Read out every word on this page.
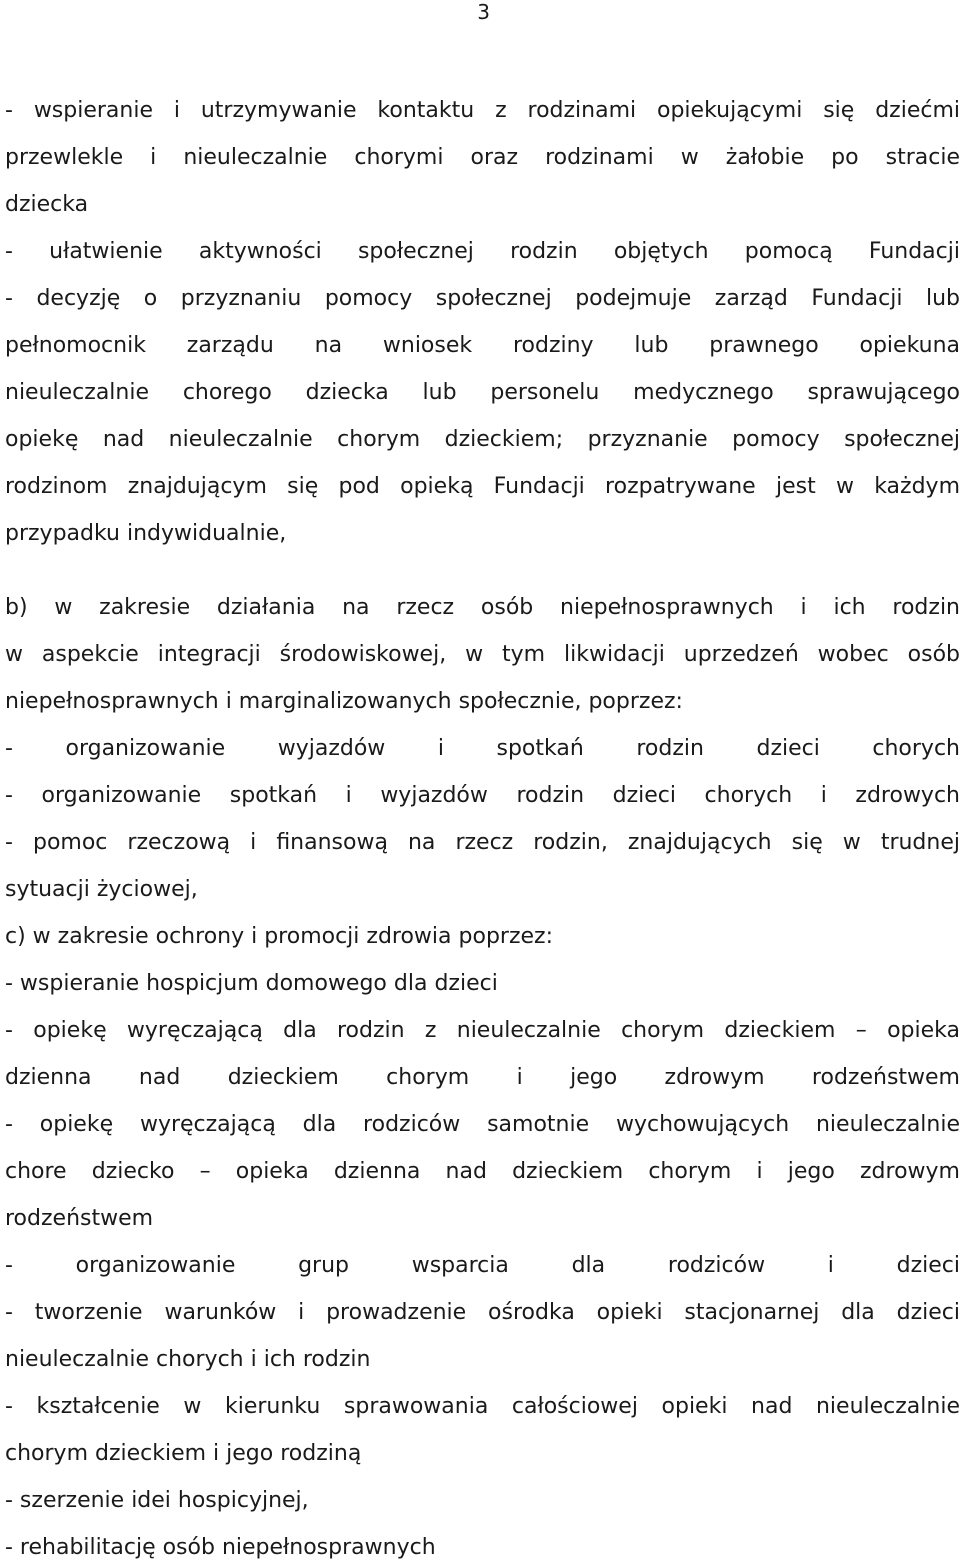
3
- wspieranie i utrzymywanie kontaktu z rodzinami opiekującymi się dziećmi
przewlekle i nieuleczalnie chorymi oraz rodzinami w żałobie po stracie
dziecka
- ułatwienie aktywności społecznej rodzin objętych pomocą Fundacji
- decyzję o przyznaniu pomocy społecznej podejmuje zarząd Fundacji lub
pełnomocnik zarządu na wniosek rodziny lub prawnego opiekuna
nieuleczalnie chorego dziecka lub personelu medycznego sprawującego
opiekę nad nieuleczalnie chorym dzieckiem; przyznanie pomocy społecznej
rodzinom znajdującym się pod opieką Fundacji rozpatrywane jest w każdym
przypadku indywidualnie,
b) w zakresie działania na rzecz osób niepełnosprawnych i ich rodzin
w aspekcie integracji środowiskowej, w tym likwidacji uprzedzeń wobec osób
niepełnosprawnych i marginalizowanych społecznie, poprzez:
- organizowanie wyjazdów i spotkań rodzin dzieci chorych
- organizowanie spotkań i wyjazdów rodzin dzieci chorych i zdrowych
- pomoc rzeczową i finansową na rzecz rodzin, znajdujących się w trudnej
sytuacji życiowej,
c) w zakresie ochrony i promocji zdrowia poprzez:
- wspieranie hospicjum domowego dla dzieci
- opiekę wyręczającą dla rodzin z nieuleczalnie chorym dzieckiem – opieka
dzienna nad dzieckiem chorym i jego zdrowym rodzeństwem
- opiekę wyręczającą dla rodziców samotnie wychowujących nieuleczalnie
chore dziecko – opieka dzienna nad dzieckiem chorym i jego zdrowym
rodzeństwem
- organizowanie grup wsparcia dla rodziców i dzieci
- tworzenie warunków i prowadzenie ośrodka opieki stacjonarnej dla dzieci
nieuleczalnie chorych i ich rodzin
- kształcenie w kierunku sprawowania całościowej opieki nad nieuleczalnie
chorym dzieckiem i jego rodziną
- szerzenie idei hospicyjnej,
- rehabilitację osób niepełnosprawnych
